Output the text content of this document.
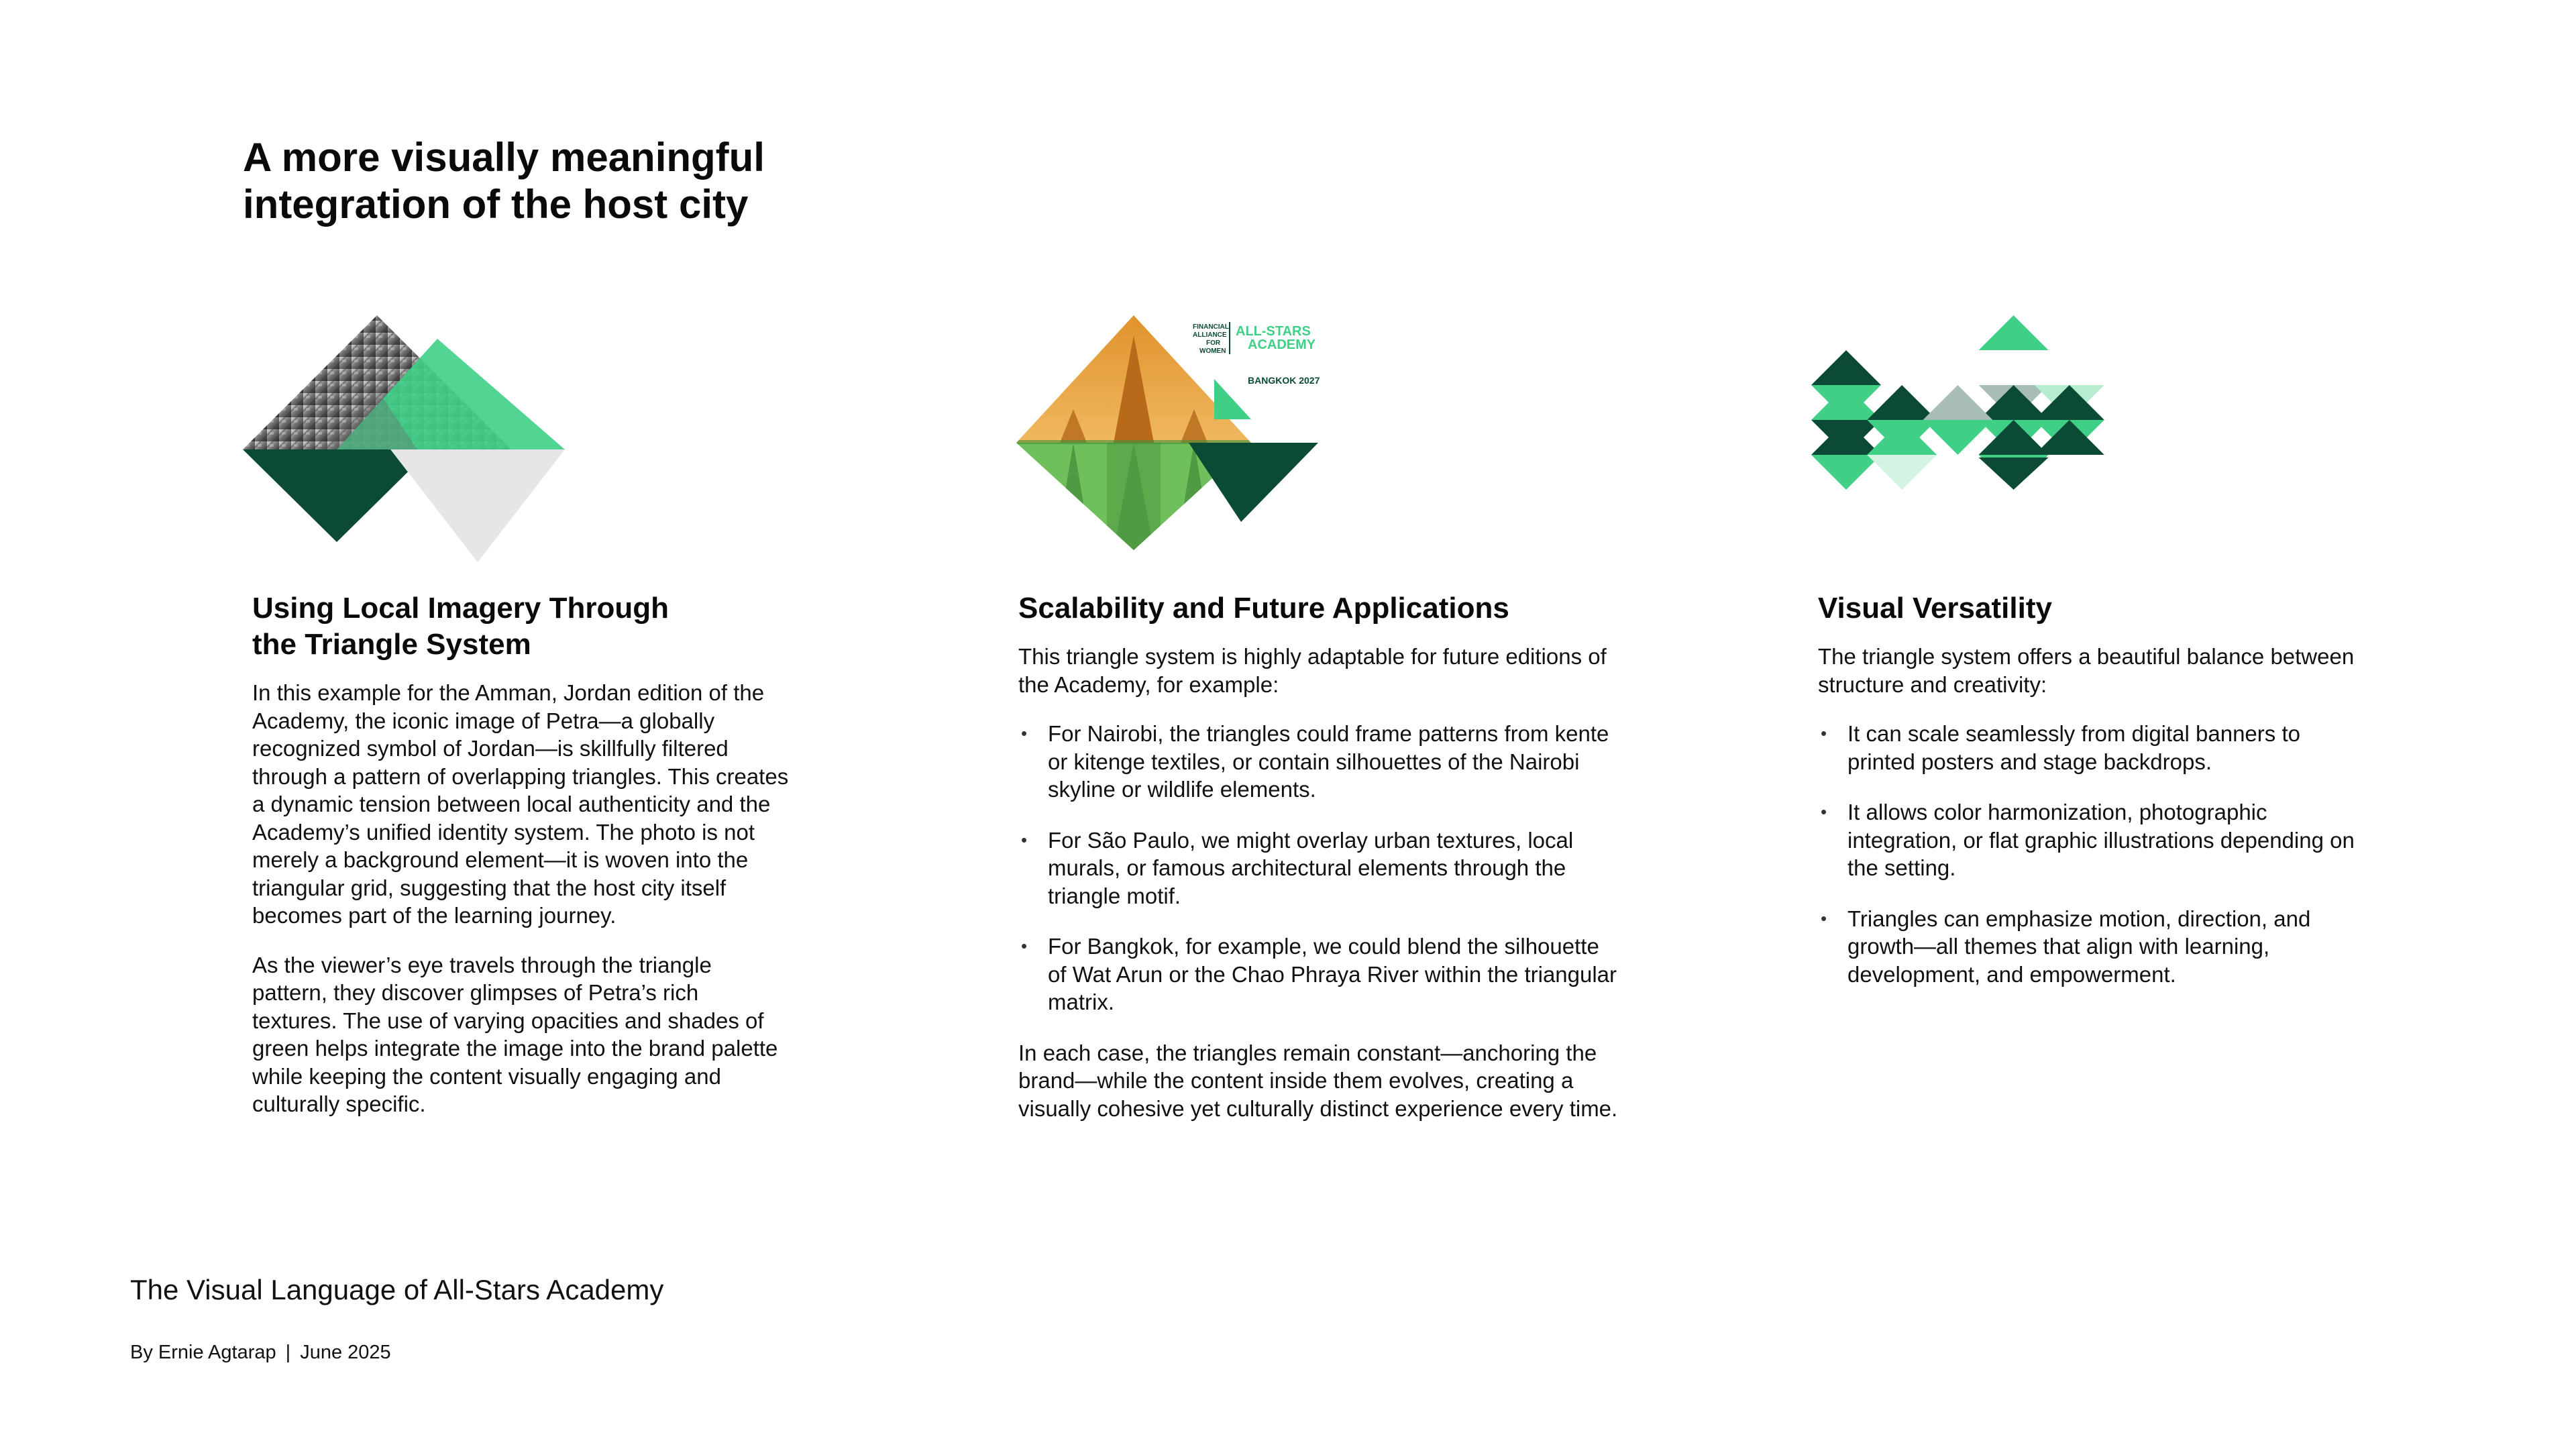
A more visually meaningful
integration of the host city
FINANCIAL
ALLIANCE
FOR
WOMEN
ALL-STARS
ACADEMY
BANGKOK 2027
Using Local Imagery Through
the Triangle System

In this example for the Amman, Jordan edition of the Academy, the iconic image of Petra—a globally recognized symbol of Jordan—is skillfully filtered through a pattern of overlapping triangles. This creates a dynamic tension between local authenticity and the Academy’s unified identity system. The photo is not merely a background element—it is woven into the triangular grid, suggesting that the host city itself becomes part of the learning journey.

As the viewer’s eye travels through the triangle pattern, they discover glimpses of Petra’s rich textures. The use of varying opacities and shades of green helps integrate the image into the brand palette while keeping the content visually engaging and culturally specific.

Scalability and Future Applications

This triangle system is highly adaptable for future editions of the Academy, for example:

• For Nairobi, the triangles could frame patterns from kente or kitenge textiles, or contain silhouettes of the Nairobi skyline or wildlife elements.
• For São Paulo, we might overlay urban textures, local murals, or famous architectural elements through the triangle motif.
• For Bangkok, for example, we could blend the silhouette of Wat Arun or the Chao Phraya River within the triangular matrix.

In each case, the triangles remain constant—anchoring the brand—while the content inside them evolves, creating a visually cohesive yet culturally distinct experience every time.

Visual Versatility

The triangle system offers a beautiful balance between structure and creativity:

• It can scale seamlessly from digital banners to printed posters and stage backdrops.
• It allows color harmonization, photographic integration, or flat graphic illustrations depending on the setting.
• Triangles can emphasize motion, direction, and growth—all themes that align with learning, development, and empowerment.
The Visual Language of All-Stars Academy
By Ernie Agtarap | June 2025
